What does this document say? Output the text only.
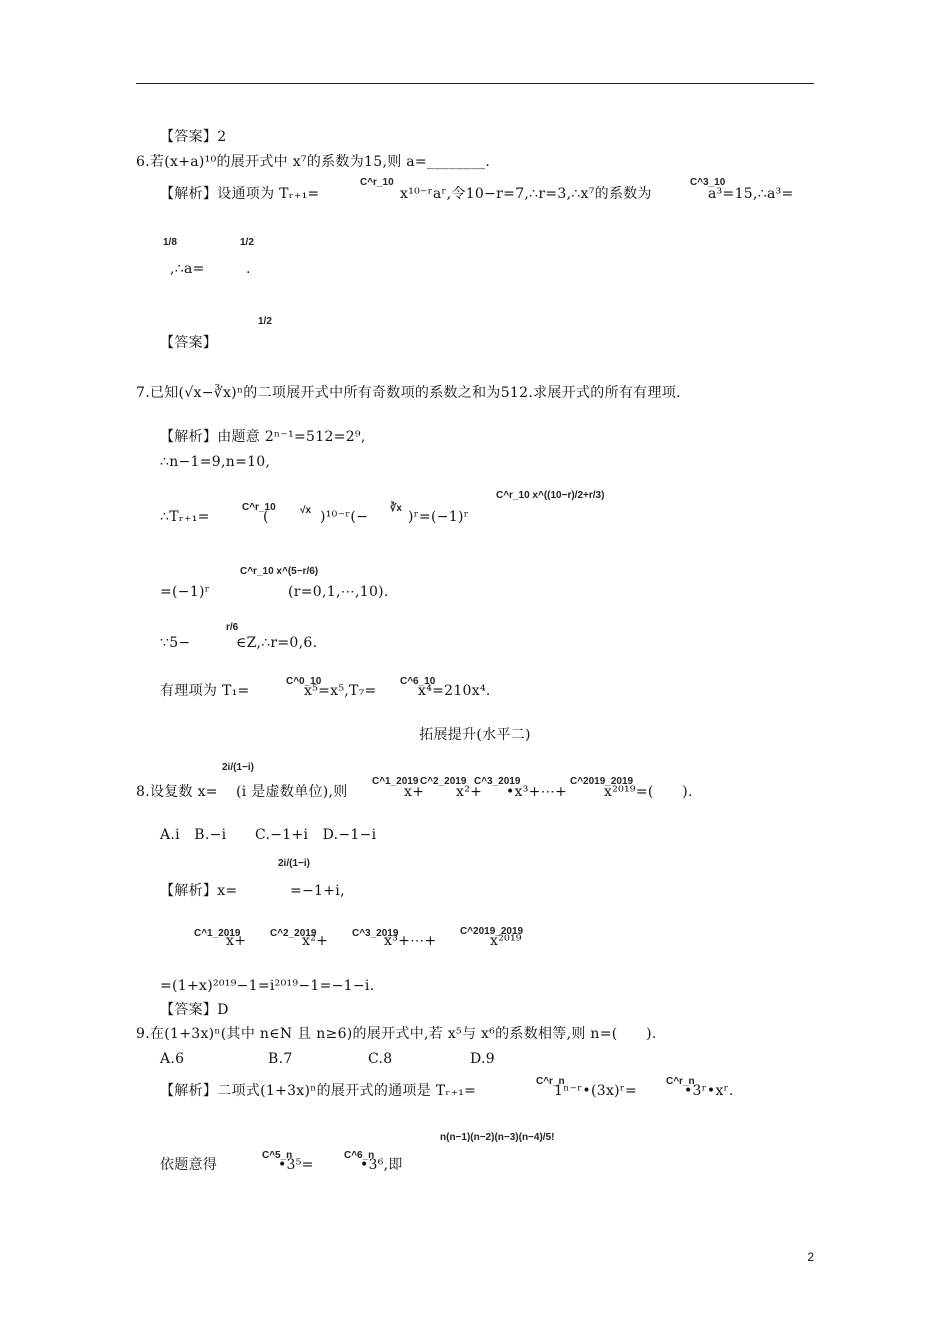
【答案】2
6.若(x+a)¹⁰的展开式中 x⁷的系数为15,则 a=________.
【解析】设通项为 Tᵣ₊₁=
C^r_10
x¹⁰⁻ʳaʳ,令10−r=7,∴r=3,∴x⁷的系数为
C^3_10
a³=15,∴a³=
1/8
,∴a=
1/2
.
【答案】
1/2
7.已知(√x−∛x)ⁿ的二项展开式中所有奇数项的系数之和为512.求展开式的所有有理项.
【解析】由题意 2ⁿ⁻¹=512=2⁹,
∴n−1=9,n=10,
∴Tᵣ₊₁=
C^r_10
(	√x )¹⁰⁻ʳ(−
∛x
)ʳ=(−1)ʳ
C^r_10 x^((10−r)/2+r/3)
=(−1)ʳ
C^r_10 x^(5−r/6)
(r=0,1,⋯,10).
∵5−
r/6
∈Z,∴r=0,6.
有理项为 T₁=
C^0_10
x⁵=x⁵,T₇=
C^6_10
x⁴=210x⁴.
拓展提升(水平二)
8.设复数 x=
2i/(1−i)
(i 是虚数单位),则
C^1_2019
x+
C^2_2019
x²+
C^3_2019
•x³+⋯+
C^2019_2019
x²⁰¹⁹=(　　).
A.i　B.−i　　C.−1+i　D.−1−i
【解析】x=
2i/(1−i)
=−1+i,
C^1_2019
x+ C^2_2019
x²+ C^3_2019
x³+⋯+
C^2019_2019
x²⁰¹⁹
=(1+x)²⁰¹⁹−1=i²⁰¹⁹−1=−1−i.
【答案】D
9.在(1+3x)ⁿ(其中 n∈N 且 n≥6)的展开式中,若 x⁵与 x⁶的系数相等,则 n=(　　).
A.6	B.7	C.8	D.9
【解析】二项式(1+3x)ⁿ的展开式的通项是 Tᵣ₊₁=
C^r_n
1ⁿ⁻ʳ•(3x)ʳ=
C^r_n
•3ʳ•xʳ.
依题意得
C^5_n
•3⁵=
C^6_n
•3⁶,即
n(n−1)(n−2)(n−3)(n−4)/5!
2
